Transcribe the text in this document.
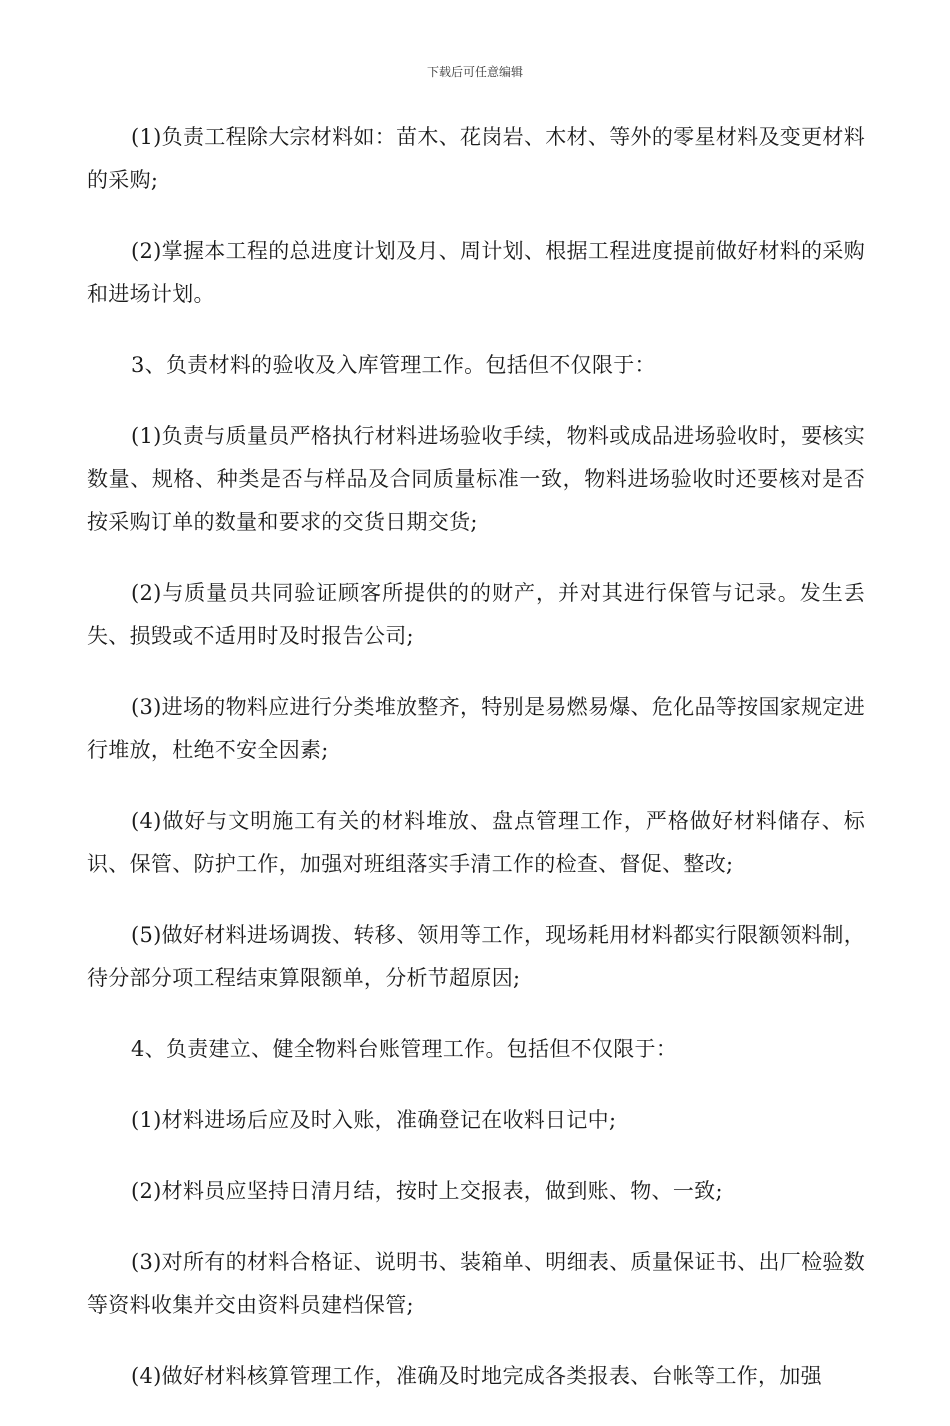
下载后可任意编辑

(1)负责工程除大宗材料如：苗木、花岗岩、木材、等外的零星材料及变更材料的采购;

(2)掌握本工程的总进度计划及月、周计划、根据工程进度提前做好材料的采购和进场计划。

3、负责材料的验收及入库管理工作。包括但不仅限于：

(1)负责与质量员严格执行材料进场验收手续，物料或成品进场验收时，要核实数量、规格、种类是否与样品及合同质量标准一致，物料进场验收时还要核对是否按采购订单的数量和要求的交货日期交货;

(2)与质量员共同验证顾客所提供的的财产，并对其进行保管与记录。发生丢失、损毁或不适用时及时报告公司;

(3)进场的物料应进行分类堆放整齐，特别是易燃易爆、危化品等按国家规定进行堆放，杜绝不安全因素;

(4)做好与文明施工有关的材料堆放、盘点管理工作，严格做好材料储存、标识、保管、防护工作，加强对班组落实手清工作的检查、督促、整改;

(5)做好材料进场调拨、转移、领用等工作，现场耗用材料都实行限额领料制，待分部分项工程结束算限额单，分析节超原因;

4、负责建立、健全物料台账管理工作。包括但不仅限于：

(1)材料进场后应及时入账，准确登记在收料日记中;

(2)材料员应坚持日清月结，按时上交报表，做到账、物、一致;

(3)对所有的材料合格证、说明书、装箱单、明细表、质量保证书、出厂检验数等资料收集并交由资料员建档保管;

(4)做好材料核算管理工作，准确及时地完成各类报表、台帐等工作，加强
